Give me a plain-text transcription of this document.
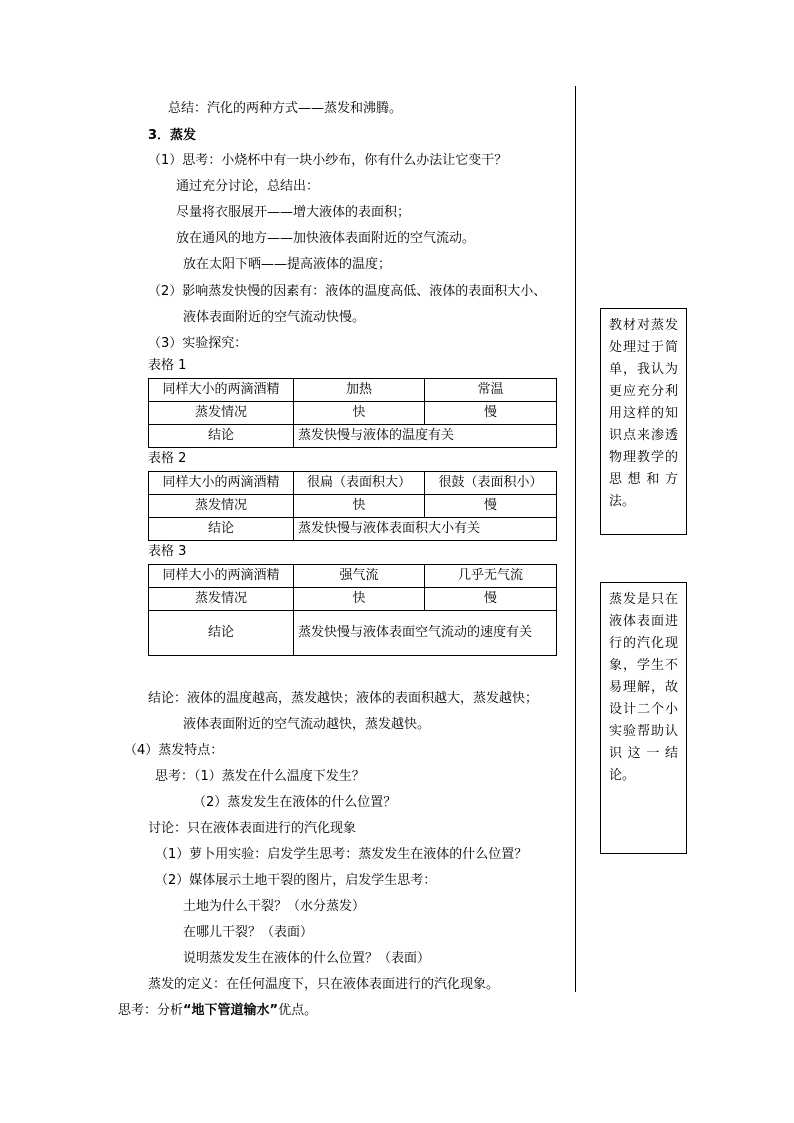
总结：汽化的两种方式——蒸发和沸腾。
3．蒸发
（1）思考：小烧杯中有一块小纱布，你有什么办法让它变干？
通过充分讨论，总结出：
尽量将衣服展开——增大液体的表面积；
放在通风的地方——加快液体表面附近的空气流动。
放在太阳下晒——提高液体的温度；
（2）影响蒸发快慢的因素有：液体的温度高低、液体的表面积大小、
液体表面附近的空气流动快慢。
（3）实验探究：
表格 1
同样大小的两滴酒精	加热	常温
蒸发情况	快	慢
结论	蒸发快慢与液体的温度有关	
表格 2
同样大小的两滴酒精	很扁（表面积大）	很鼓（表面积小）
蒸发情况	快	慢
结论	蒸发快慢与液体表面积大小有关	
表格 3
同样大小的两滴酒精	强气流	几乎无气流
蒸发情况	快	慢
结论	蒸发快慢与液体表面空气流动的速度有关	
结论：液体的温度越高，蒸发越快；液体的表面积越大，蒸发越快；
液体表面附近的空气流动越快，蒸发越快。
（4）蒸发特点：
思考：（1）蒸发在什么温度下发生？
（2）蒸发发生在液体的什么位置？
讨论：只在液体表面进行的汽化现象
（1）萝卜用实验：启发学生思考：蒸发发生在液体的什么位置？
（2）媒体展示土地干裂的图片，启发学生思考：
土地为什么干裂？（水分蒸发）
在哪儿干裂？（表面）
说明蒸发发生在液体的什么位置？（表面）
蒸发的定义：在任何温度下，只在液体表面进行的汽化现象。
思考：分析“地下管道输水”优点。
教材对蒸发处理过于简单，我认为更应充分利用这样的知识点来渗透物理教学的思想和方法。
蒸发是只在液体表面进行的汽化现象，学生不易理解，故设计二个小实验帮助认识这一结论。
